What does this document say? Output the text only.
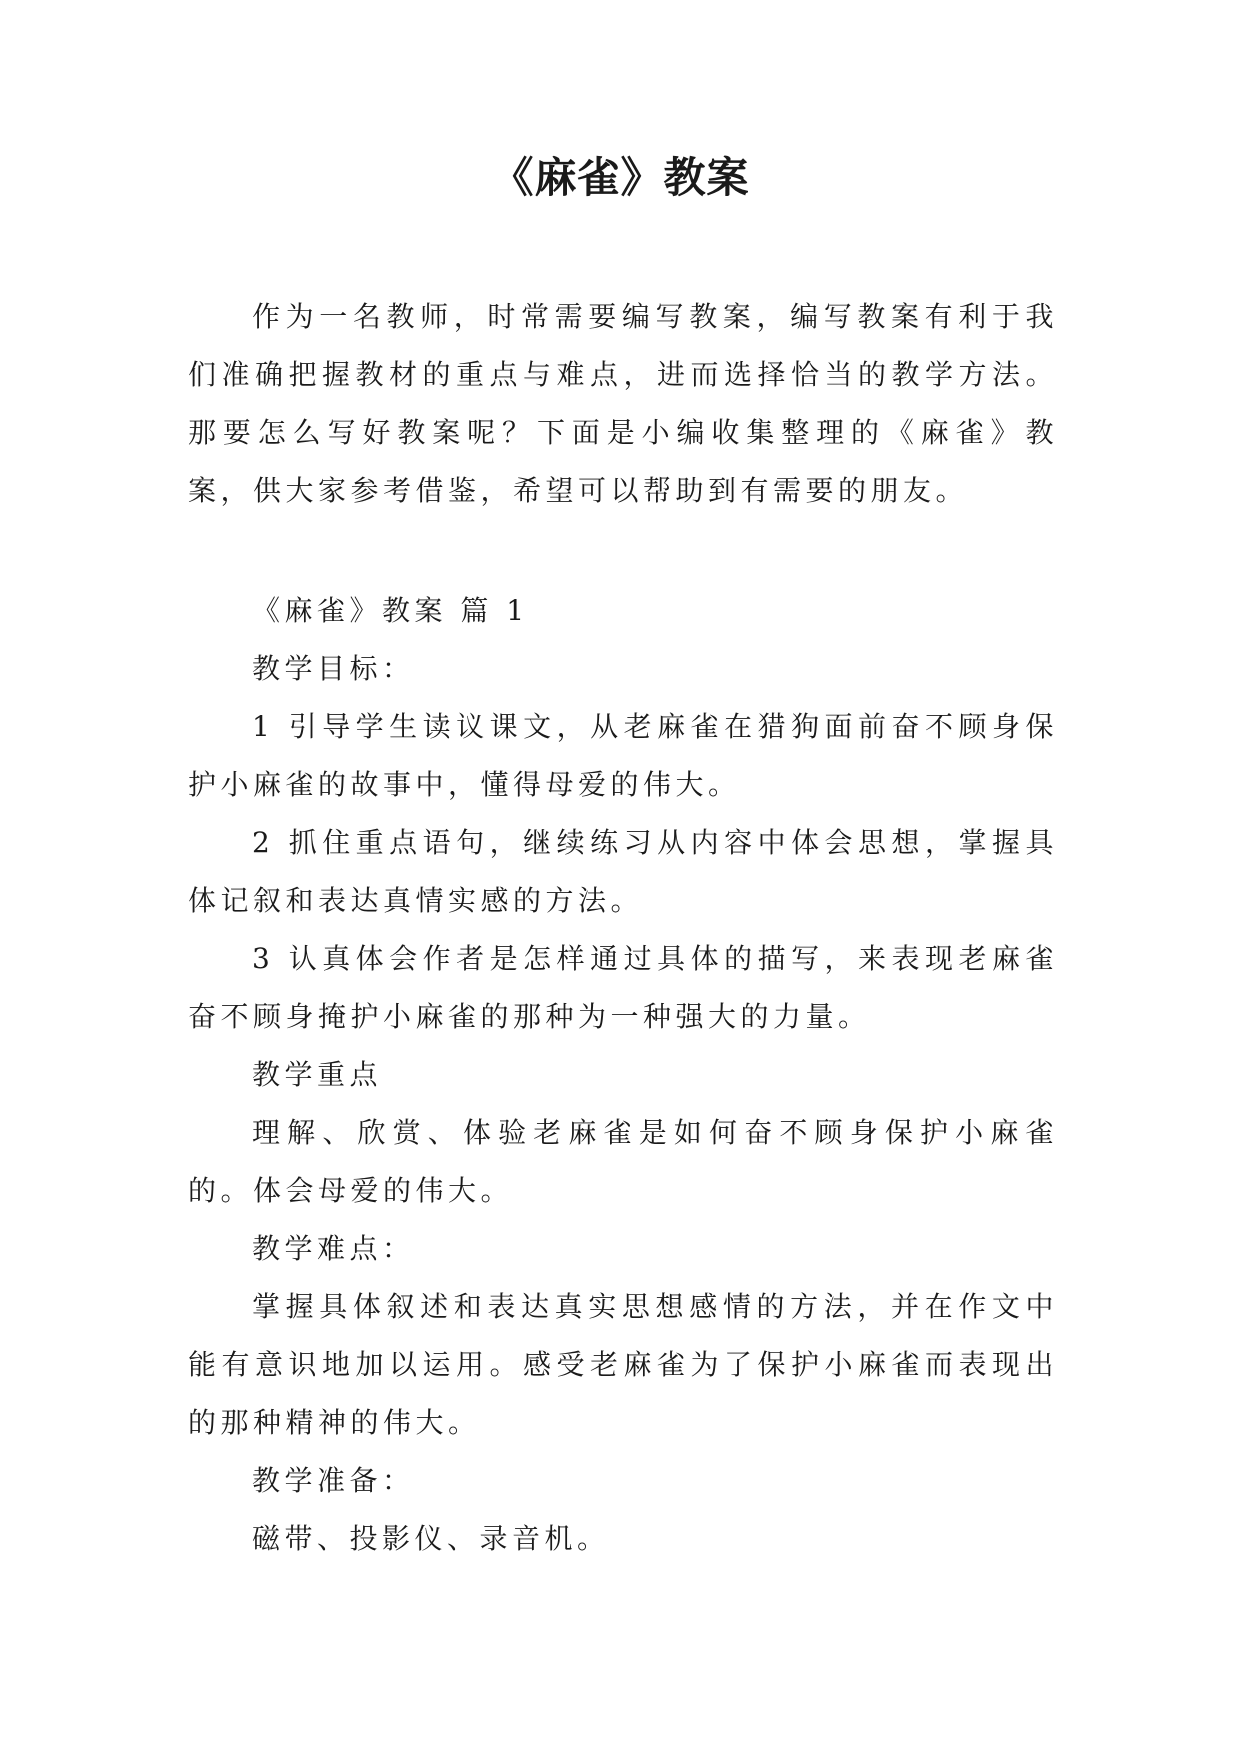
《麻雀》教案

作为一名教师，时常需要编写教案，编写教案有利于我们准确把握教材的重点与难点，进而选择恰当的教学方法。那要怎么写好教案呢？下面是小编收集整理的《麻雀》教案，供大家参考借鉴，希望可以帮助到有需要的朋友。

《麻雀》教案 篇 1

教学目标：

1 引导学生读议课文，从老麻雀在猎狗面前奋不顾身保护小麻雀的故事中，懂得母爱的伟大。

2 抓住重点语句，继续练习从内容中体会思想，掌握具体记叙和表达真情实感的方法。

3 认真体会作者是怎样通过具体的描写，来表现老麻雀奋不顾身掩护小麻雀的那种为一种强大的力量。

教学重点

理解、欣赏、体验老麻雀是如何奋不顾身保护小麻雀的。体会母爱的伟大。

教学难点：

掌握具体叙述和表达真实思想感情的方法，并在作文中能有意识地加以运用。感受老麻雀为了保护小麻雀而表现出的那种精神的伟大。

教学准备：

磁带、投影仪、录音机。
